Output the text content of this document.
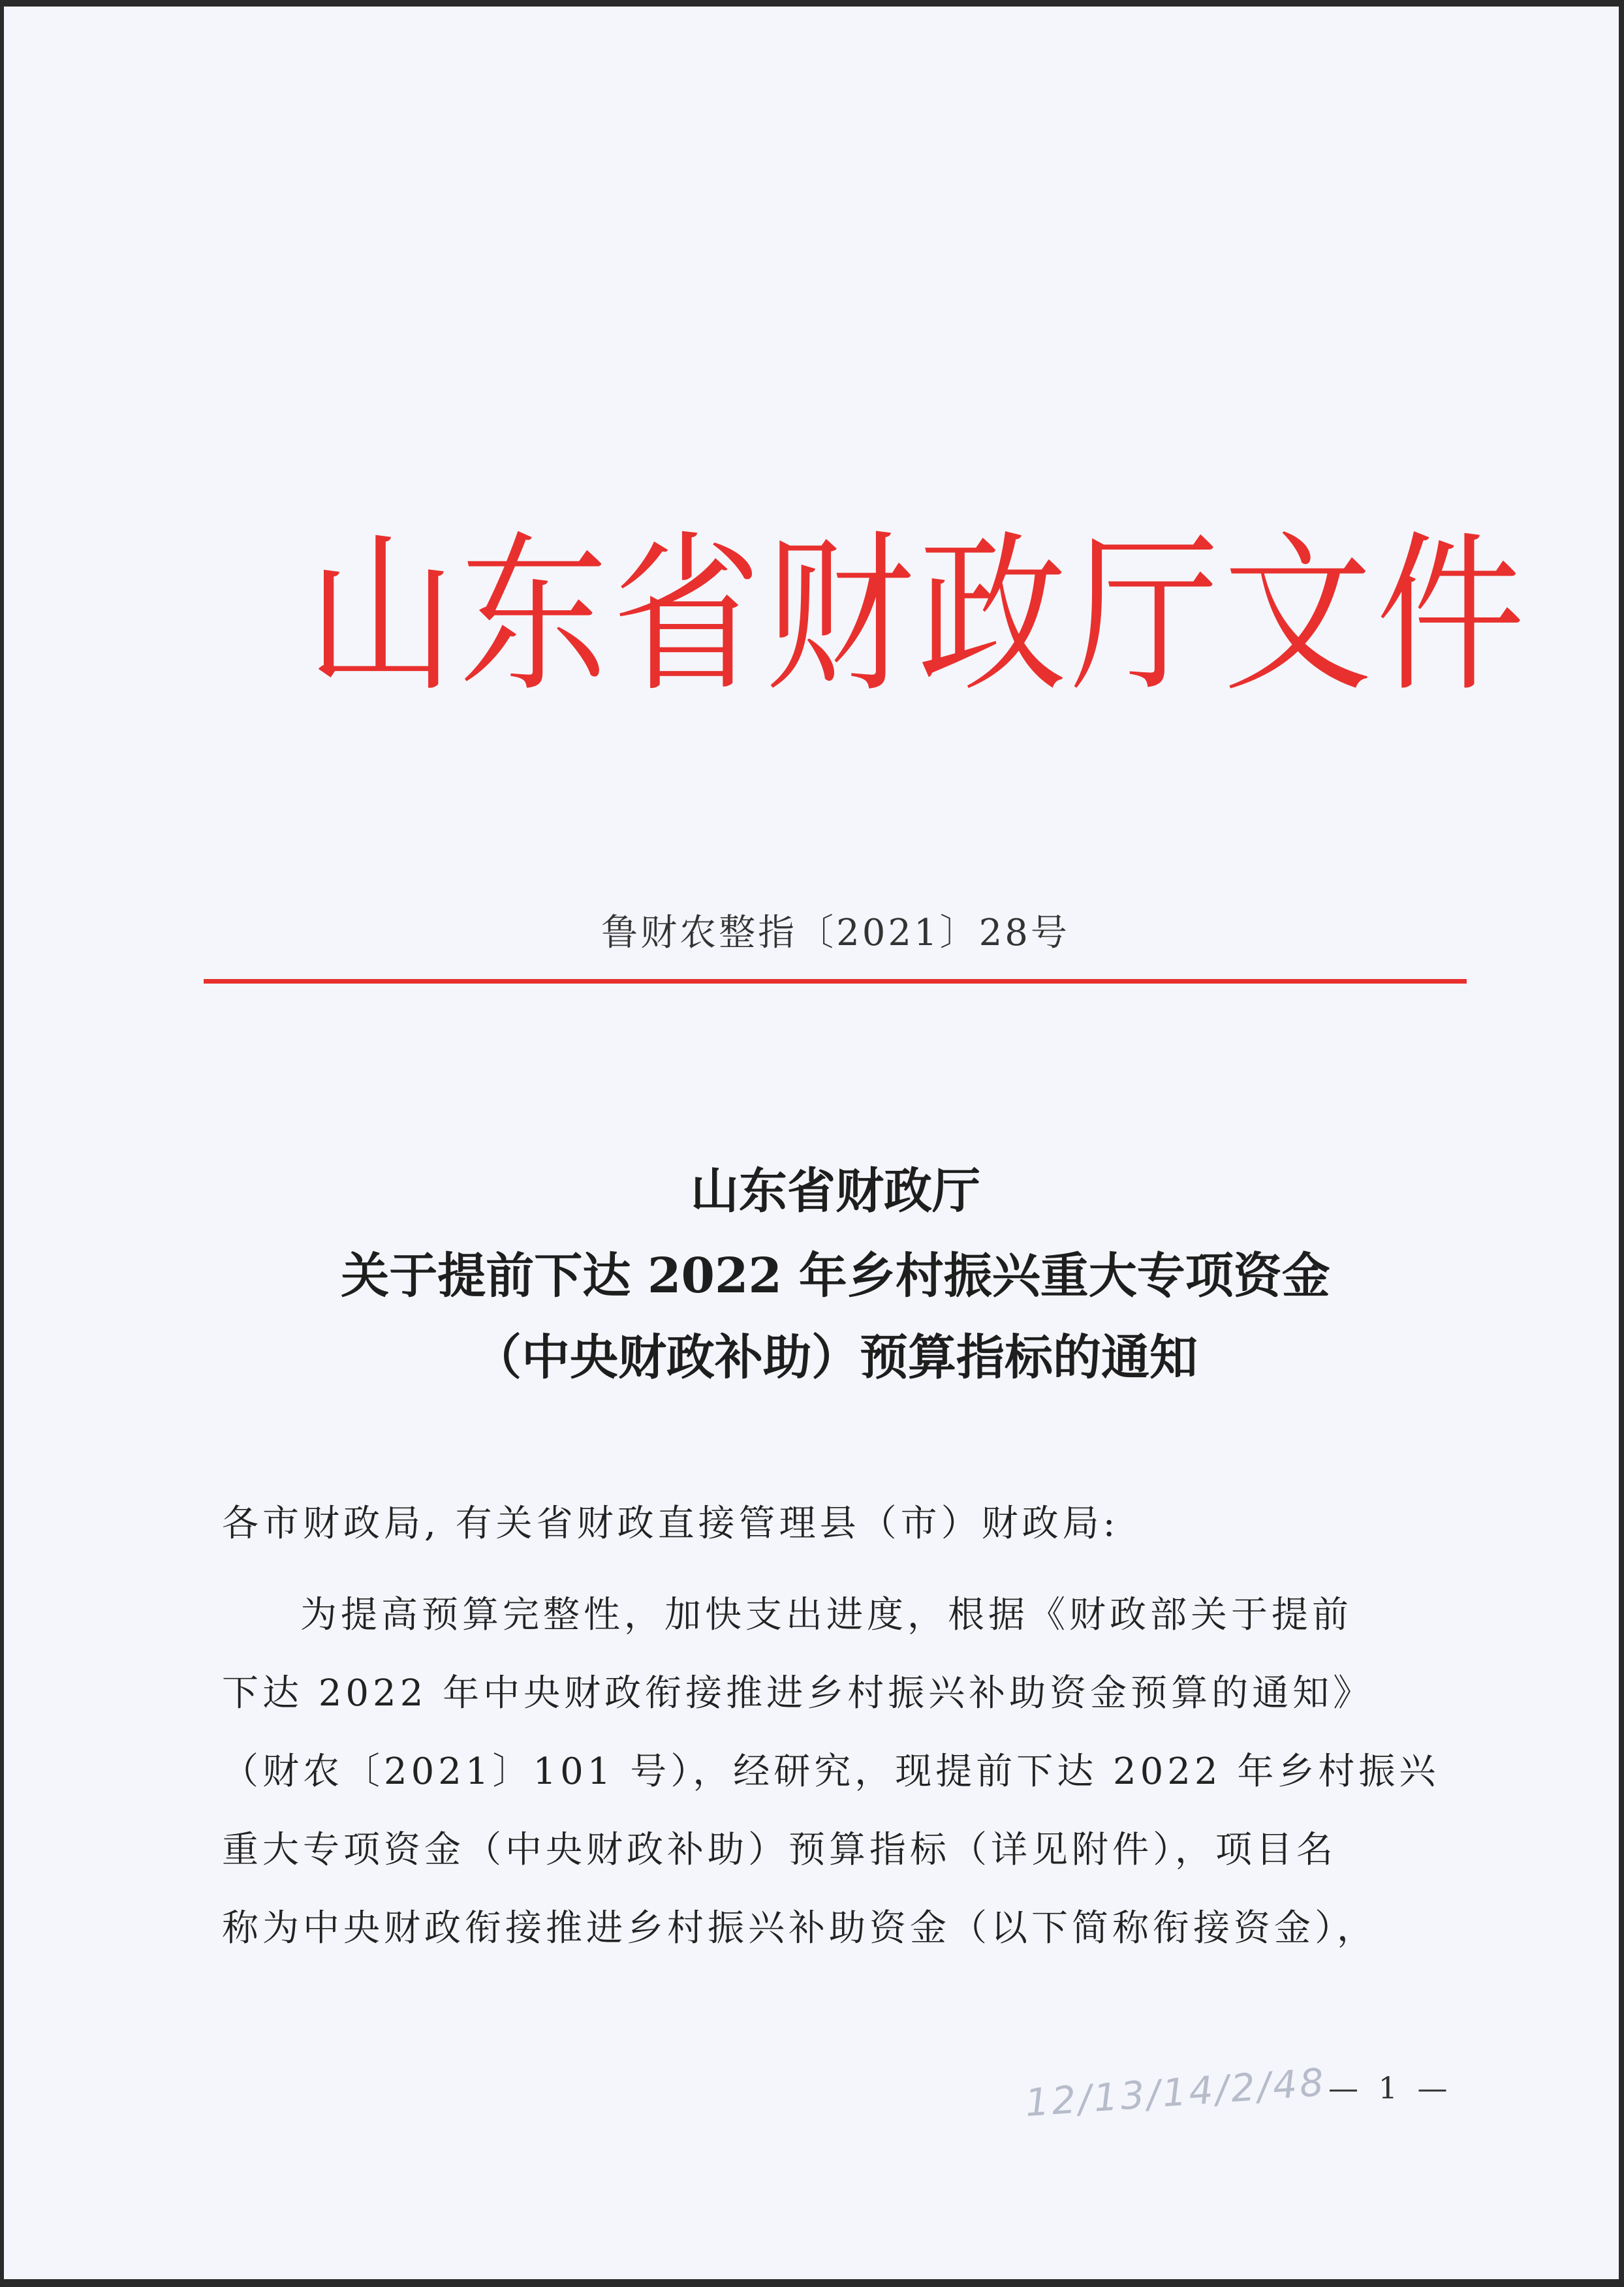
山东省财政厅文件
鲁财农整指〔2021〕28号
山东省财政厅
关于提前下达 2022 年乡村振兴重大专项资金
（中央财政补助）预算指标的通知
各市财政局, 有关省财政直接管理县（市）财政局:
为提高预算完整性，加快支出进度，根据《财政部关于提前
下达 2022 年中央财政衔接推进乡村振兴补助资金预算的通知》
（财农〔2021〕101 号），经研究，现提前下达 2022 年乡村振兴
重大专项资金（中央财政补助）预算指标（详见附件），项目名
称为中央财政衔接推进乡村振兴补助资金（以下简称衔接资金），
12/13/14/2/48 — 1 —
